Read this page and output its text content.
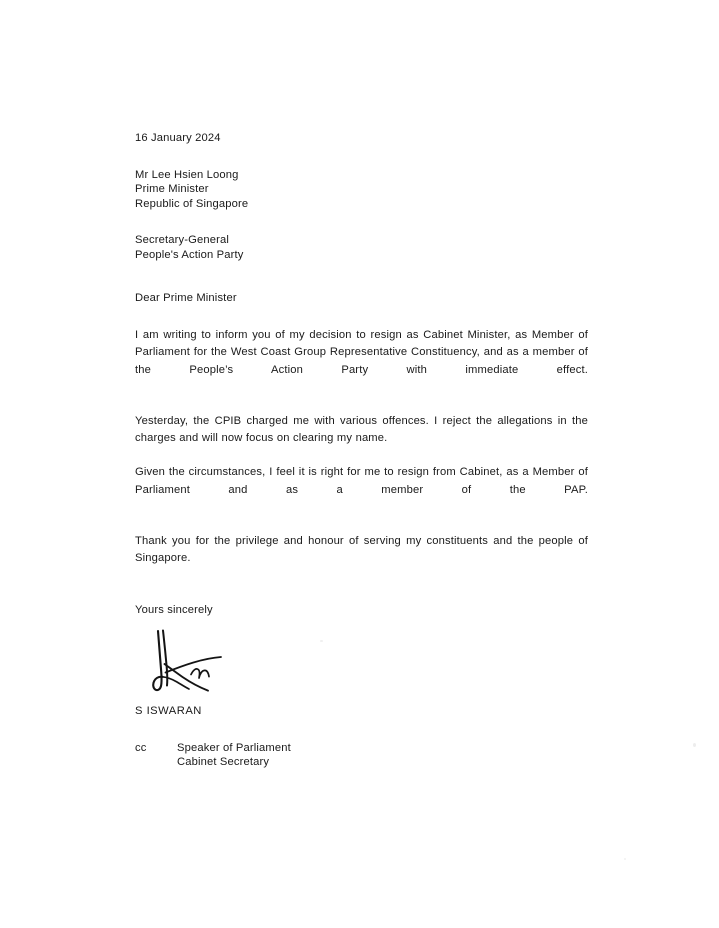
16 January 2024
Mr Lee Hsien Loong
Prime Minister
Republic of Singapore
Secretary-General
People's Action Party
Dear Prime Minister

I am writing to inform you of my decision to resign as Cabinet Minister, as Member of Parliament for the West Coast Group Representative Constituency, and as a member of the People’s Action Party with immediate effect.

Yesterday, the CPIB charged me with various offences. I reject the allegations in the charges and will now focus on clearing my name.

Given the circumstances, I feel it is right for me to resign from Cabinet, as a Member of Parliament and as a member of the PAP.

Thank you for the privilege and honour of serving my constituents and the people of Singapore.

Yours sincerely
S ISWARAN
cc	Speaker of Parliament
Cabinet Secretary
